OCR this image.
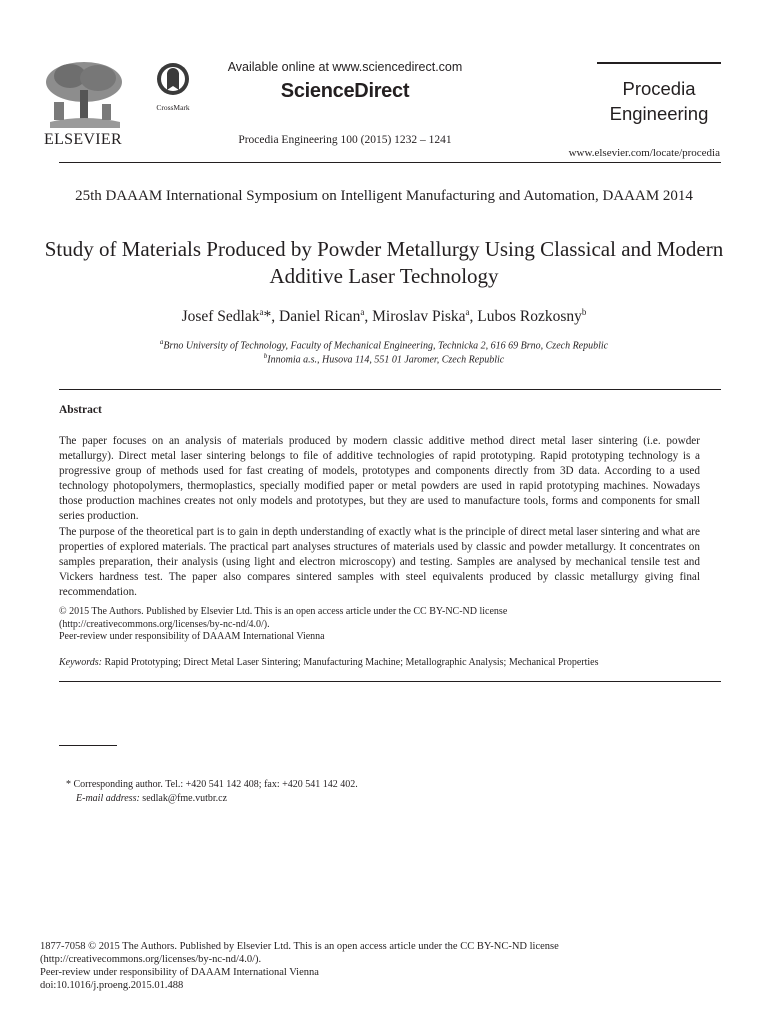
ELSEVIER
CrossMark
Available online at www.sciencedirect.com
ScienceDirect
Procedia Engineering 100 (2015) 1232 – 1241
Procedia
Engineering
www.elsevier.com/locate/procedia
25th DAAAM International Symposium on Intelligent Manufacturing and Automation, DAAAM 2014
Study of Materials Produced by Powder Metallurgy Using Classical and Modern Additive Laser Technology
Josef Sedlak$^a$*, Daniel Rican$^a$, Miroslav Piska$^a$, Lubos Rozkosny$^b$
$^a$Brno University of Technology, Faculty of Mechanical Engineering, Technicka 2, 616 69 Brno, Czech Republic
$^b$Innomia a.s., Husova 114, 551 01 Jaromer, Czech Republic
Abstract

The paper focuses on an analysis of materials produced by modern classic additive method direct metal laser sintering (i.e. powder metallurgy). Direct metal laser sintering belongs to file of additive technologies of rapid prototyping. Rapid prototyping technology is a progressive group of methods used for fast creating of models, prototypes and components directly from 3D data. According to a used technology photopolymers, thermoplastics, specially modified paper or metal powders are used in rapid prototyping machines. Nowadays those production machines creates not only models and prototypes, but they are used to manufacture tools, forms and components for small series production.

The purpose of the theoretical part is to gain in depth understanding of exactly what is the principle of direct metal laser sintering and what are properties of explored materials. The practical part analyses structures of materials used by classic and powder metallurgy. It concentrates on samples preparation, their analysis (using light and electron microscopy) and testing. Samples are analysed by mechanical tensile test and Vickers hardness test. The paper also compares sintered samples with steel equivalents produced by classic metallurgy giving final recommendation.

© 2015 The Authors. Published by Elsevier Ltd. This is an open access article under the CC BY-NC-ND license

(http://creativecommons.org/licenses/by-nc-nd/4.0/).

Peer-review under responsibility of DAAAM International Vienna

Keywords: Rapid Prototyping; Direct Metal Laser Sintering; Manufacturing Machine; Metallographic Analysis; Mechanical Properties
* Corresponding author. Tel.: +420 541 142 408; fax: +420 541 142 402.
E-mail address: sedlak@fme.vutbr.cz

1877-7058 © 2015 The Authors. Published by Elsevier Ltd. This is an open access article under the CC BY-NC-ND license

(http://creativecommons.org/licenses/by-nc-nd/4.0/).

Peer-review under responsibility of DAAAM International Vienna

doi:10.1016/j.proeng.2015.01.488
